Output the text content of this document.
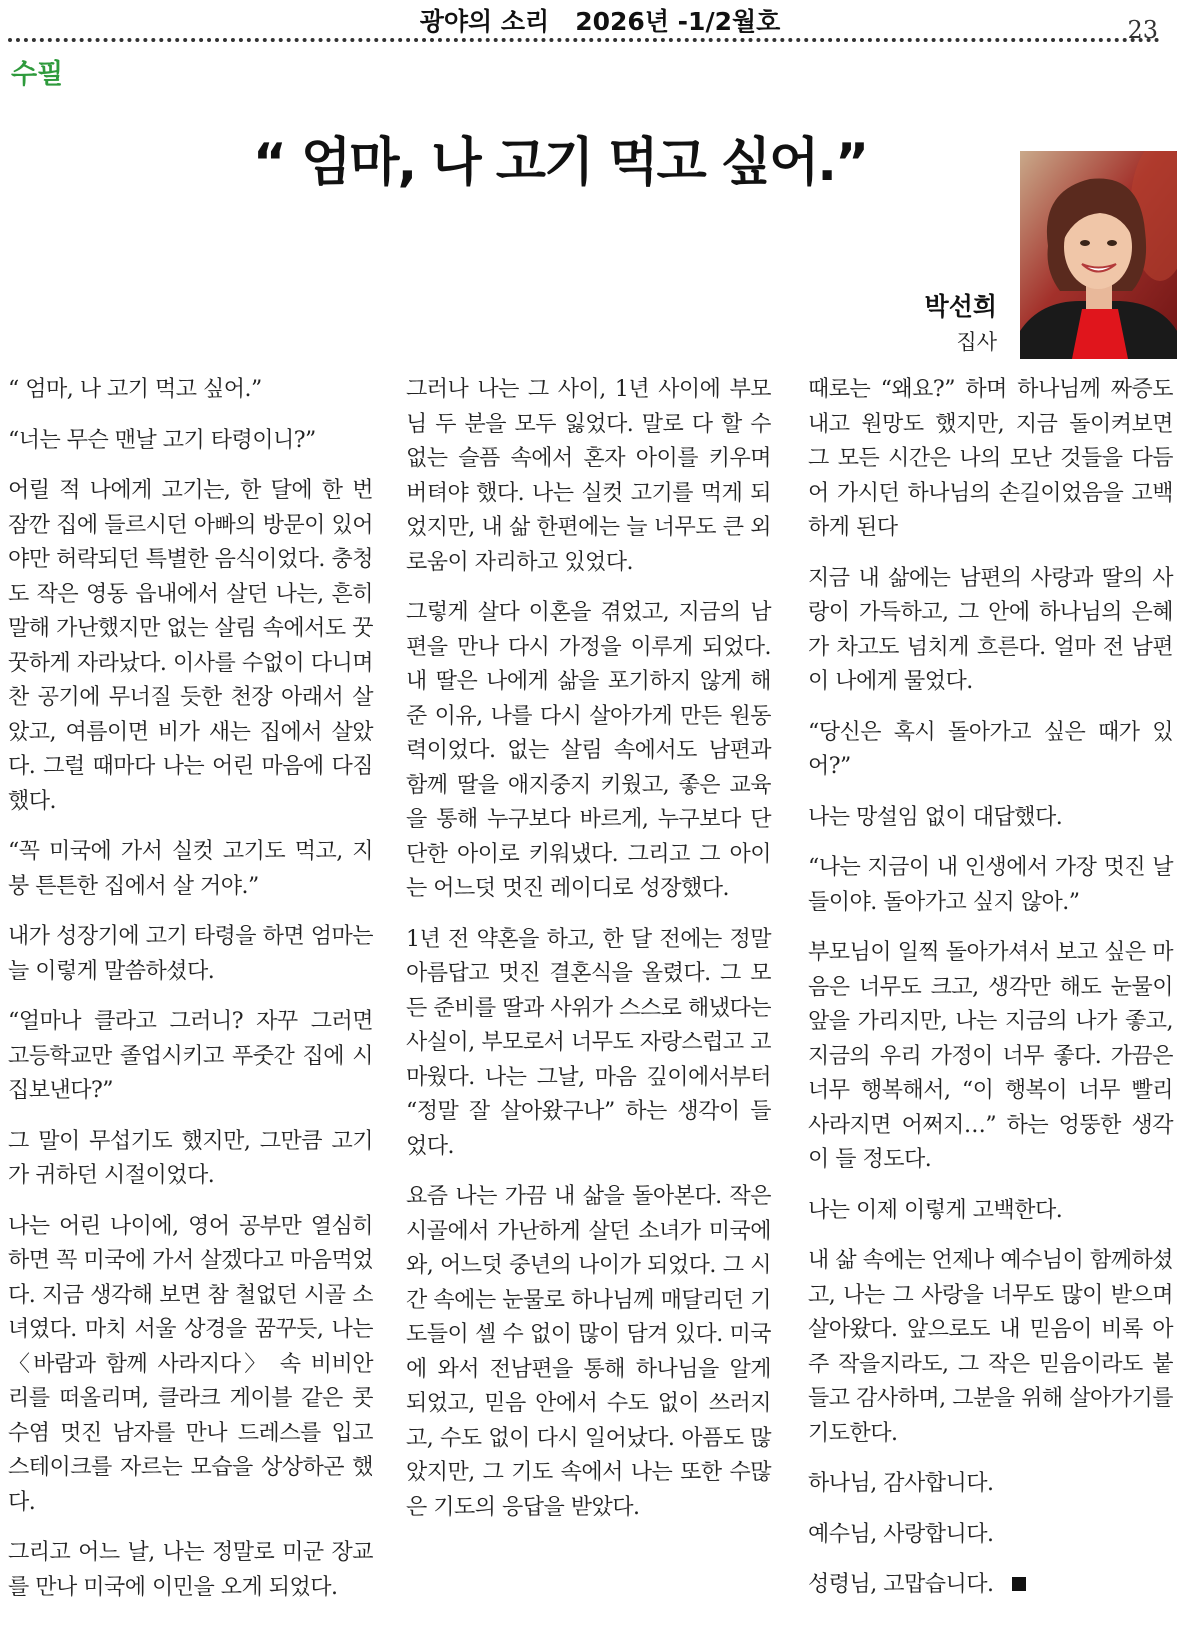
광야의 소리   2026년 -1/2월호	23
수필
“ 엄마, 나 고기 먹고 싶어.”
박선희
집사

“ 엄마, 나 고기 먹고 싶어.”

“너는 무슨 맨날 고기 타령이니?”

어릴 적 나에게 고기는, 한 달에 한 번 잠깐 집에 들르시던 아빠의 방문이 있어야만 허락되던 특별한 음식이었다. 충청도 작은 영동 읍내에서 살던 나는, 흔히 말해 가난했지만 없는 살림 속에서도 꿋꿋하게 자라났다. 이사를 수없이 다니며 찬 공기에 무너질 듯한 천장 아래서 살았고, 여름이면 비가 새는 집에서 살았다. 그럴 때마다 나는 어린 마음에 다짐했다.

“꼭 미국에 가서 실컷 고기도 먹고, 지붕 튼튼한 집에서 살 거야.”

내가 성장기에 고기 타령을 하면 엄마는 늘 이렇게 말씀하셨다.

“얼마나 클라고 그러니? 자꾸 그러면 고등학교만 졸업시키고 푸줏간 집에 시집보낸다?”

그 말이 무섭기도 했지만, 그만큼 고기가 귀하던 시절이었다.

나는 어린 나이에, 영어 공부만 열심히 하면 꼭 미국에 가서 살겠다고 마음먹었다. 지금 생각해 보면 참 철없던 시골 소녀였다. 마치 서울 상경을 꿈꾸듯, 나는 〈바람과 함께 사라지다〉 속 비비안 리를 떠올리며, 클라크 게이블 같은 콧수염 멋진 남자를 만나 드레스를 입고 스테이크를 자르는 모습을 상상하곤 했다.

그리고 어느 날, 나는 정말로 미군 장교를 만나 미국에 이민을 오게 되었다.

그러나 나는 그 사이, 1년 사이에 부모님 두 분을 모두 잃었다. 말로 다 할 수 없는 슬픔 속에서 혼자 아이를 키우며 버텨야 했다. 나는 실컷 고기를 먹게 되었지만, 내 삶 한편에는 늘 너무도 큰 외로움이 자리하고 있었다.

그렇게 살다 이혼을 겪었고, 지금의 남편을 만나 다시 가정을 이루게 되었다. 내 딸은 나에게 삶을 포기하지 않게 해 준 이유, 나를 다시 살아가게 만든 원동력이었다. 없는 살림 속에서도 남편과 함께 딸을 애지중지 키웠고, 좋은 교육을 통해 누구보다 바르게, 누구보다 단단한 아이로 키워냈다. 그리고 그 아이는 어느덧 멋진 레이디로 성장했다.

1년 전 약혼을 하고, 한 달 전에는 정말 아름답고 멋진 결혼식을 올렸다. 그 모든 준비를 딸과 사위가 스스로 해냈다는 사실이, 부모로서 너무도 자랑스럽고 고마웠다. 나는 그날, 마음 깊이에서부터 “정말 잘 살아왔구나” 하는 생각이 들었다.

요즘 나는 가끔 내 삶을 돌아본다. 작은 시골에서 가난하게 살던 소녀가 미국에 와, 어느덧 중년의 나이가 되었다. 그 시간 속에는 눈물로 하나님께 매달리던 기도들이 셀 수 없이 많이 담겨 있다. 미국에 와서 전남편을 통해 하나님을 알게 되었고, 믿음 안에서 수도 없이 쓰러지고, 수도 없이 다시 일어났다. 아픔도 많았지만, 그 기도 속에서 나는 또한 수많은 기도의 응답을 받았다.

때로는 “왜요?” 하며 하나님께 짜증도 내고 원망도 했지만, 지금 돌이켜보면 그 모든 시간은 나의 모난 것들을 다듬어 가시던 하나님의 손길이었음을 고백하게 된다

지금 내 삶에는 남편의 사랑과 딸의 사랑이 가득하고, 그 안에 하나님의 은혜가 차고도 넘치게 흐른다. 얼마 전 남편이 나에게 물었다.

“당신은 혹시 돌아가고 싶은 때가 있어?”

나는 망설임 없이 대답했다.

“나는 지금이 내 인생에서 가장 멋진 날들이야. 돌아가고 싶지 않아.”

부모님이 일찍 돌아가셔서 보고 싶은 마음은 너무도 크고, 생각만 해도 눈물이 앞을 가리지만, 나는 지금의 나가 좋고, 지금의 우리 가정이 너무 좋다. 가끔은 너무 행복해서, “이 행복이 너무 빨리 사라지면 어쩌지…” 하는 엉뚱한 생각이 들 정도다.

나는 이제 이렇게 고백한다.

내 삶 속에는 언제나 예수님이 함께하셨고, 나는 그 사랑을 너무도 많이 받으며 살아왔다. 앞으로도 내 믿음이 비록 아주 작을지라도, 그 작은 믿음이라도 붙들고 감사하며, 그분을 위해 살아가기를 기도한다.

하나님, 감사합니다.

예수님, 사랑합니다.

성령님, 고맙습니다.
